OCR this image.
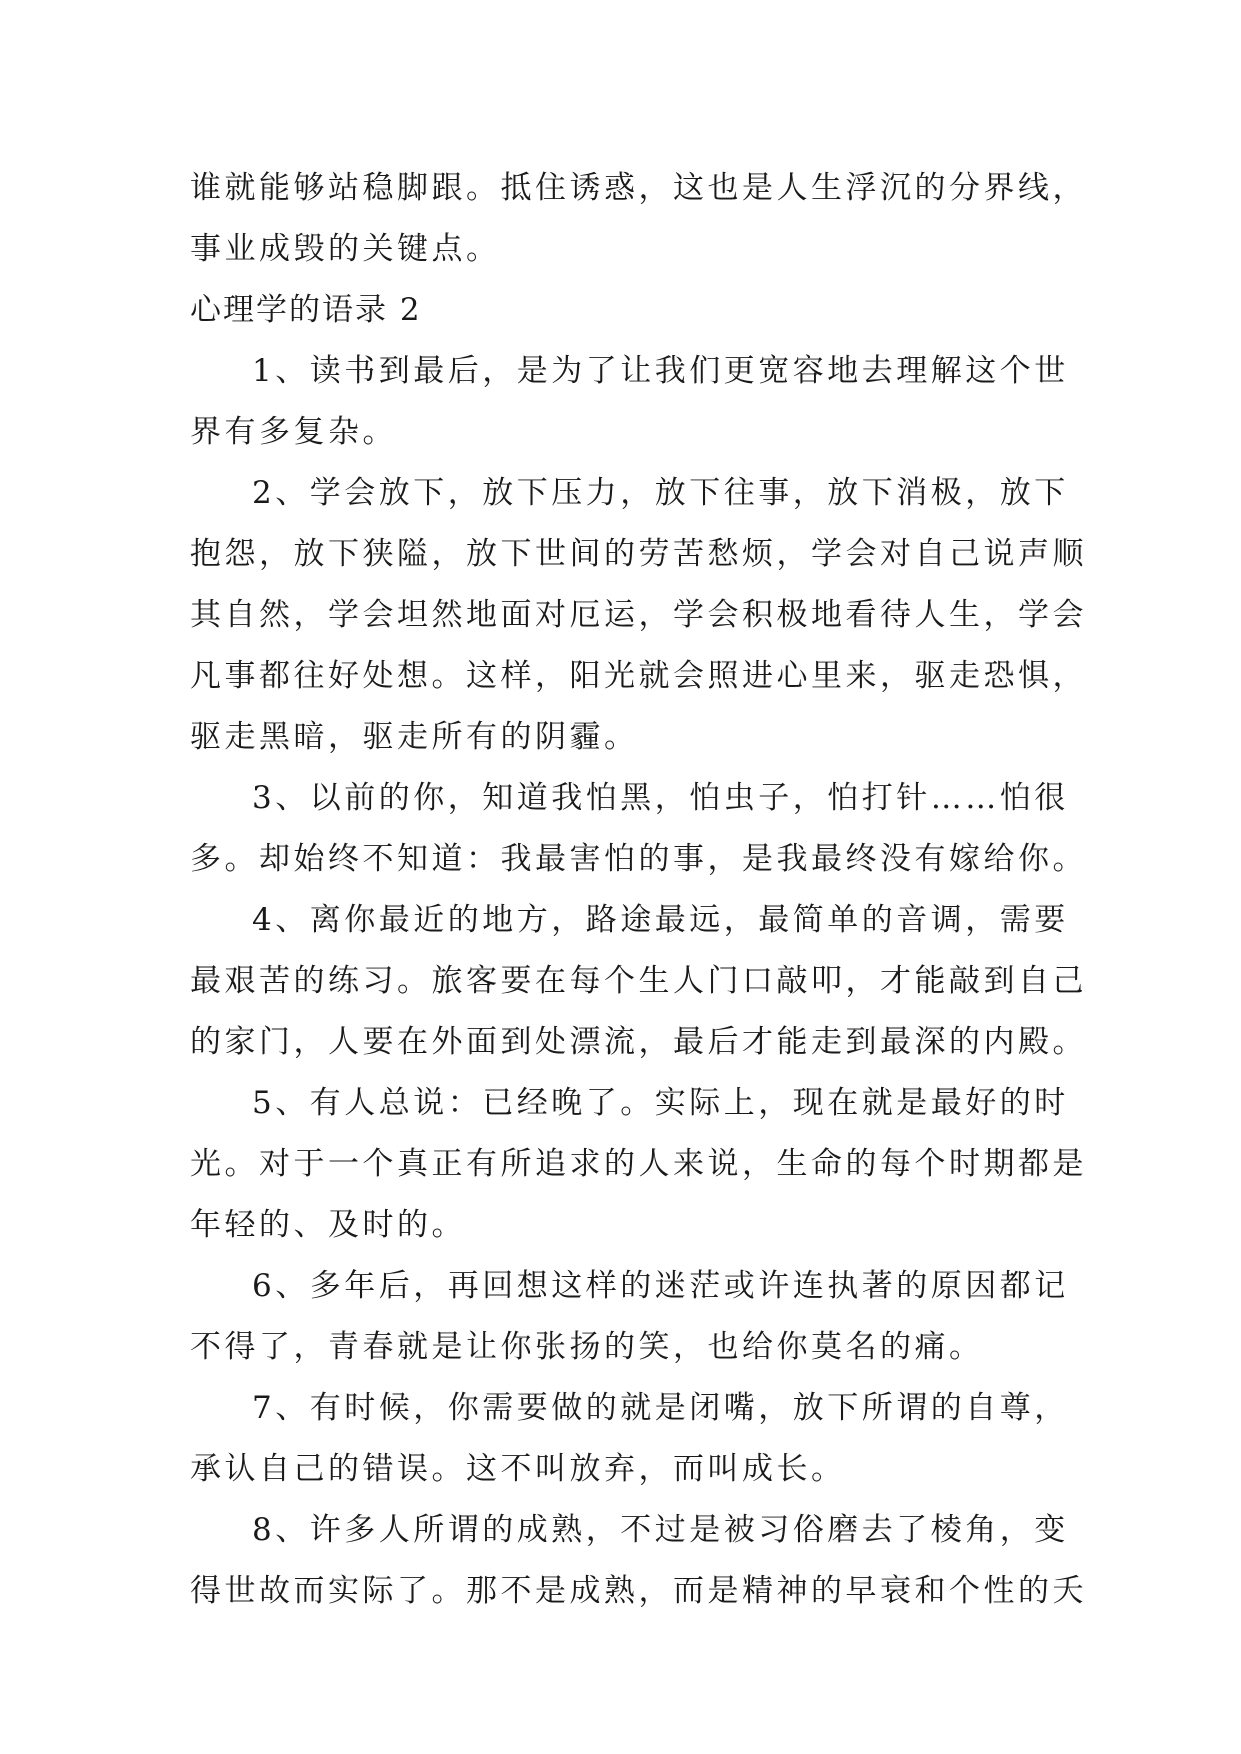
谁就能够站稳脚跟。抵住诱惑，这也是人生浮沉的分界线，

事业成毁的关键点。

心理学的语录 2

1、读书到最后，是为了让我们更宽容地去理解这个世
界有多复杂。
2、学会放下，放下压力，放下往事，放下消极，放下
抱怨，放下狭隘，放下世间的劳苦愁烦，学会对自己说声顺
其自然，学会坦然地面对厄运，学会积极地看待人生，学会
凡事都往好处想。这样，阳光就会照进心里来，驱走恐惧，
驱走黑暗，驱走所有的阴霾。
3、以前的你，知道我怕黑，怕虫子，怕打针……怕很
多。却始终不知道：我最害怕的事，是我最终没有嫁给你。
4、离你最近的地方，路途最远，最简单的音调，需要
最艰苦的练习。旅客要在每个生人门口敲叩，才能敲到自己
的家门，人要在外面到处漂流，最后才能走到最深的内殿。
5、有人总说：已经晚了。实际上，现在就是最好的时
光。对于一个真正有所追求的人来说，生命的每个时期都是
年轻的、及时的。
6、多年后，再回想这样的迷茫或许连执著的原因都记
不得了，青春就是让你张扬的笑，也给你莫名的痛。
7、有时候，你需要做的就是闭嘴，放下所谓的自尊，
承认自己的错误。这不叫放弃，而叫成长。
8、许多人所谓的成熟，不过是被习俗磨去了棱角，变
得世故而实际了。那不是成熟，而是精神的早衰和个性的夭
